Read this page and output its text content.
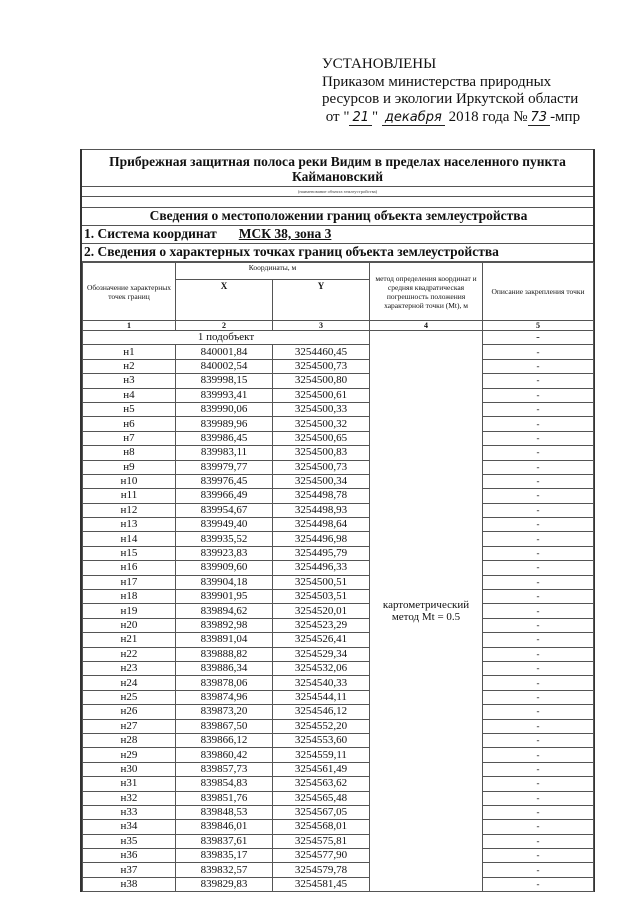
УСТАНОВЛЕНЫ
Приказом министерства природных
ресурсов и экологии Иркутской области
от " 21 " декабря 2018 года № 73 -мпр
Прибрежная защитная полоса реки Видим в пределах населенного пункта Каймановский
(наименование объекта землеустройства)
Сведения о местоположении границ объекта землеустройства
1. Система координат МСК 38, зона 3
2. Сведения о характерных точках границ объекта землеустройства
Обозначение характерных точек границ	Координаты, м		метод определения координат и средняя квадратическая погрешность положения характерной точки (Mt), м	Описание закрепления точки
	X	Y		
1	2	3	4	5
1 подобъект			картометрический метод Mt = 0.5	-
н1	840001,84	3254460,45		-
н2	840002,54	3254500,73		-
н3	839998,15	3254500,80		-
н4	839993,41	3254500,61		-
н5	839990,06	3254500,33		-
н6	839989,96	3254500,32		-
н7	839986,45	3254500,65		-
н8	839983,11	3254500,83		-
н9	839979,77	3254500,73		-
н10	839976,45	3254500,34		-
н11	839966,49	3254498,78		-
н12	839954,67	3254498,93		-
н13	839949,40	3254498,64		-
н14	839935,52	3254496,98		-
н15	839923,83	3254495,79		-
н16	839909,60	3254496,33		-
н17	839904,18	3254500,51		-
н18	839901,95	3254503,51		-
н19	839894,62	3254520,01		-
н20	839892,98	3254523,29		-
н21	839891,04	3254526,41		-
н22	839888,82	3254529,34		-
н23	839886,34	3254532,06		-
н24	839878,06	3254540,33		-
н25	839874,96	3254544,11		-
н26	839873,20	3254546,12		-
н27	839867,50	3254552,20		-
н28	839866,12	3254553,60		-
н29	839860,42	3254559,11		-
н30	839857,73	3254561,49		-
н31	839854,83	3254563,62		-
н32	839851,76	3254565,48		-
н33	839848,53	3254567,05		-
н34	839846,01	3254568,01		-
н35	839837,61	3254575,81		-
н36	839835,17	3254577,90		-
н37	839832,57	3254579,78		-
н38	839829,83	3254581,45		-
